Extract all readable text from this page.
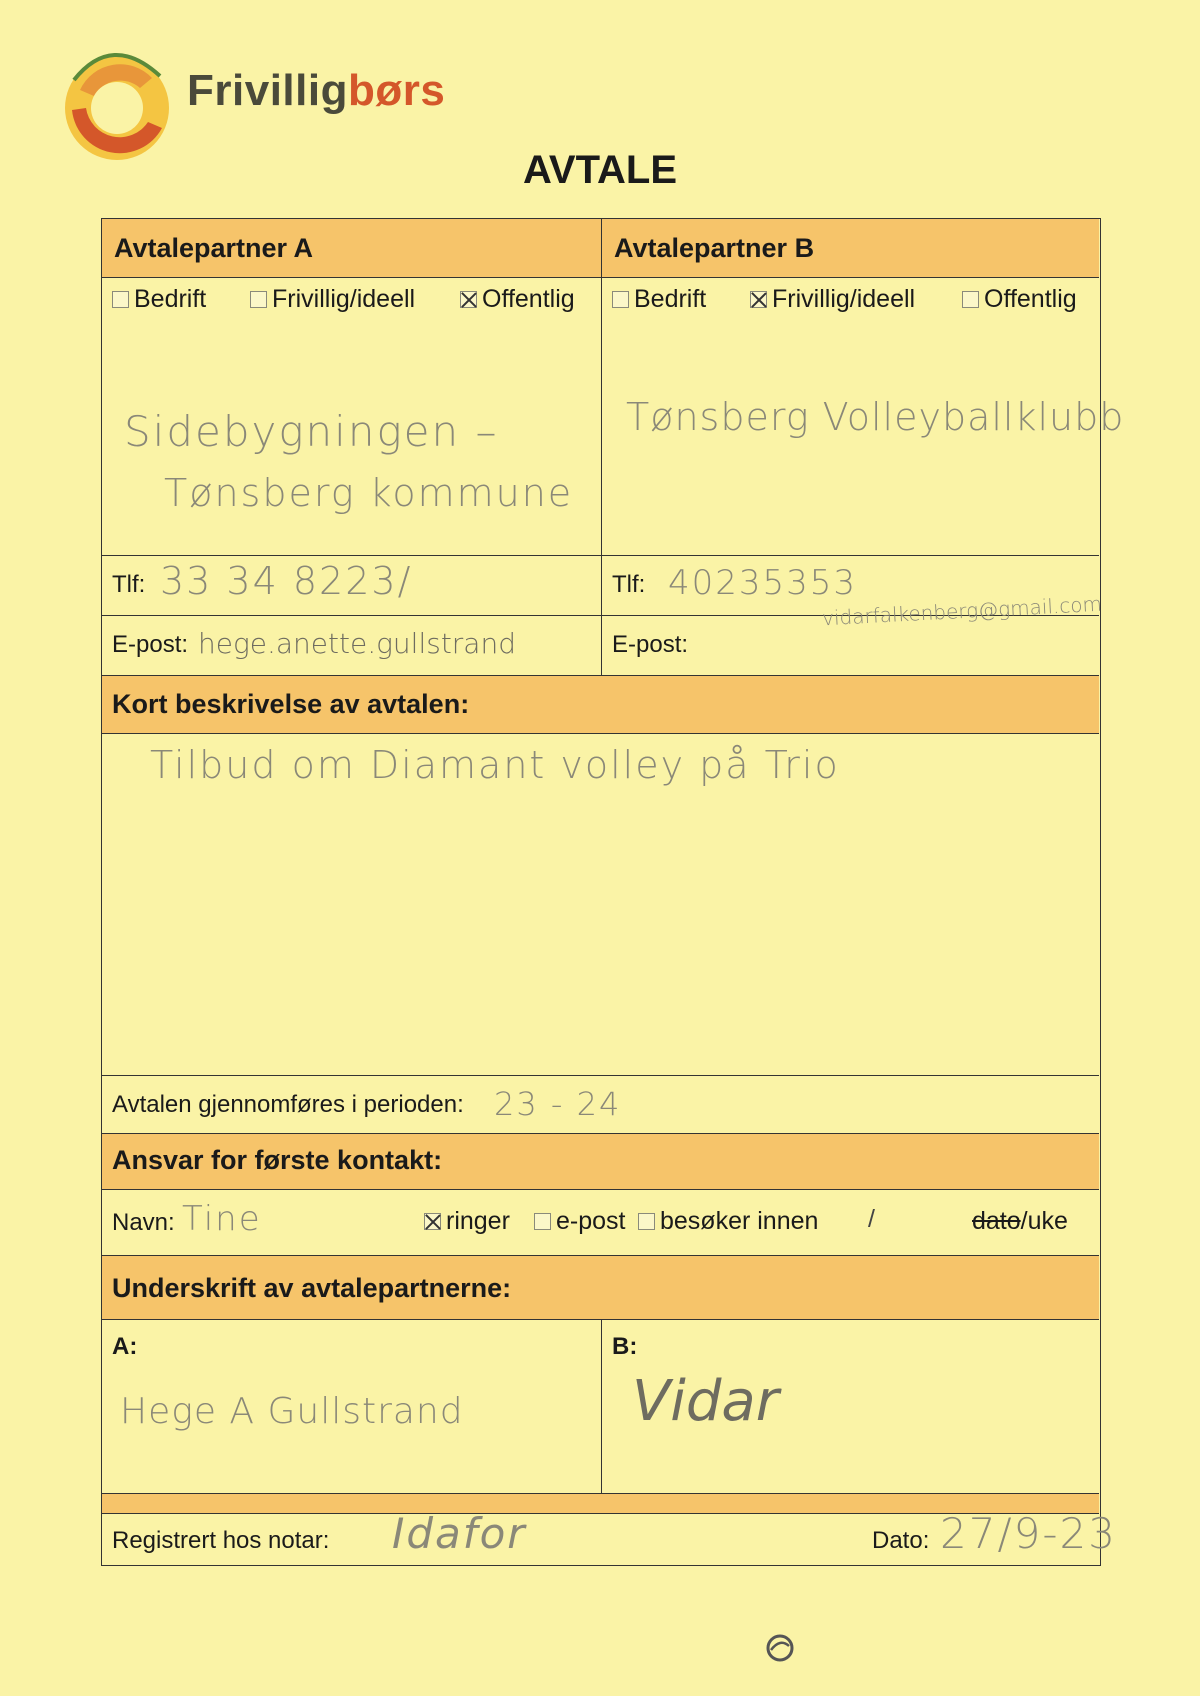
Frivilligbørs
AVTALE
Avtalepartner A
Bedrift	Frivillig/ideell	Offentlig
Sidebygningen –
Tønsberg kommune
Tlf: 33 34 8223/
E-post: hege.anette.gullstrand
Avtalepartner B
Bedrift	Frivillig/ideell	Offentlig
Tønsberg Volleyballklubb
Tlf: 40235353
E-post:
vidarfalkenberg@gmail.com
Kort beskrivelse av avtalen:
Tilbud om Diamant volley på Trio
Avtalen gjennomføres i perioden: 23 - 24
Ansvar for første kontakt:
Navn: Tine	ringer	e-post	besøker innen /	dato/uke
Underskrift av avtalepartnerne:
A:
Hege A Gullstrand
B:
Vidar
Registrert hos notar: Idafor	Dato: 27/9-23
